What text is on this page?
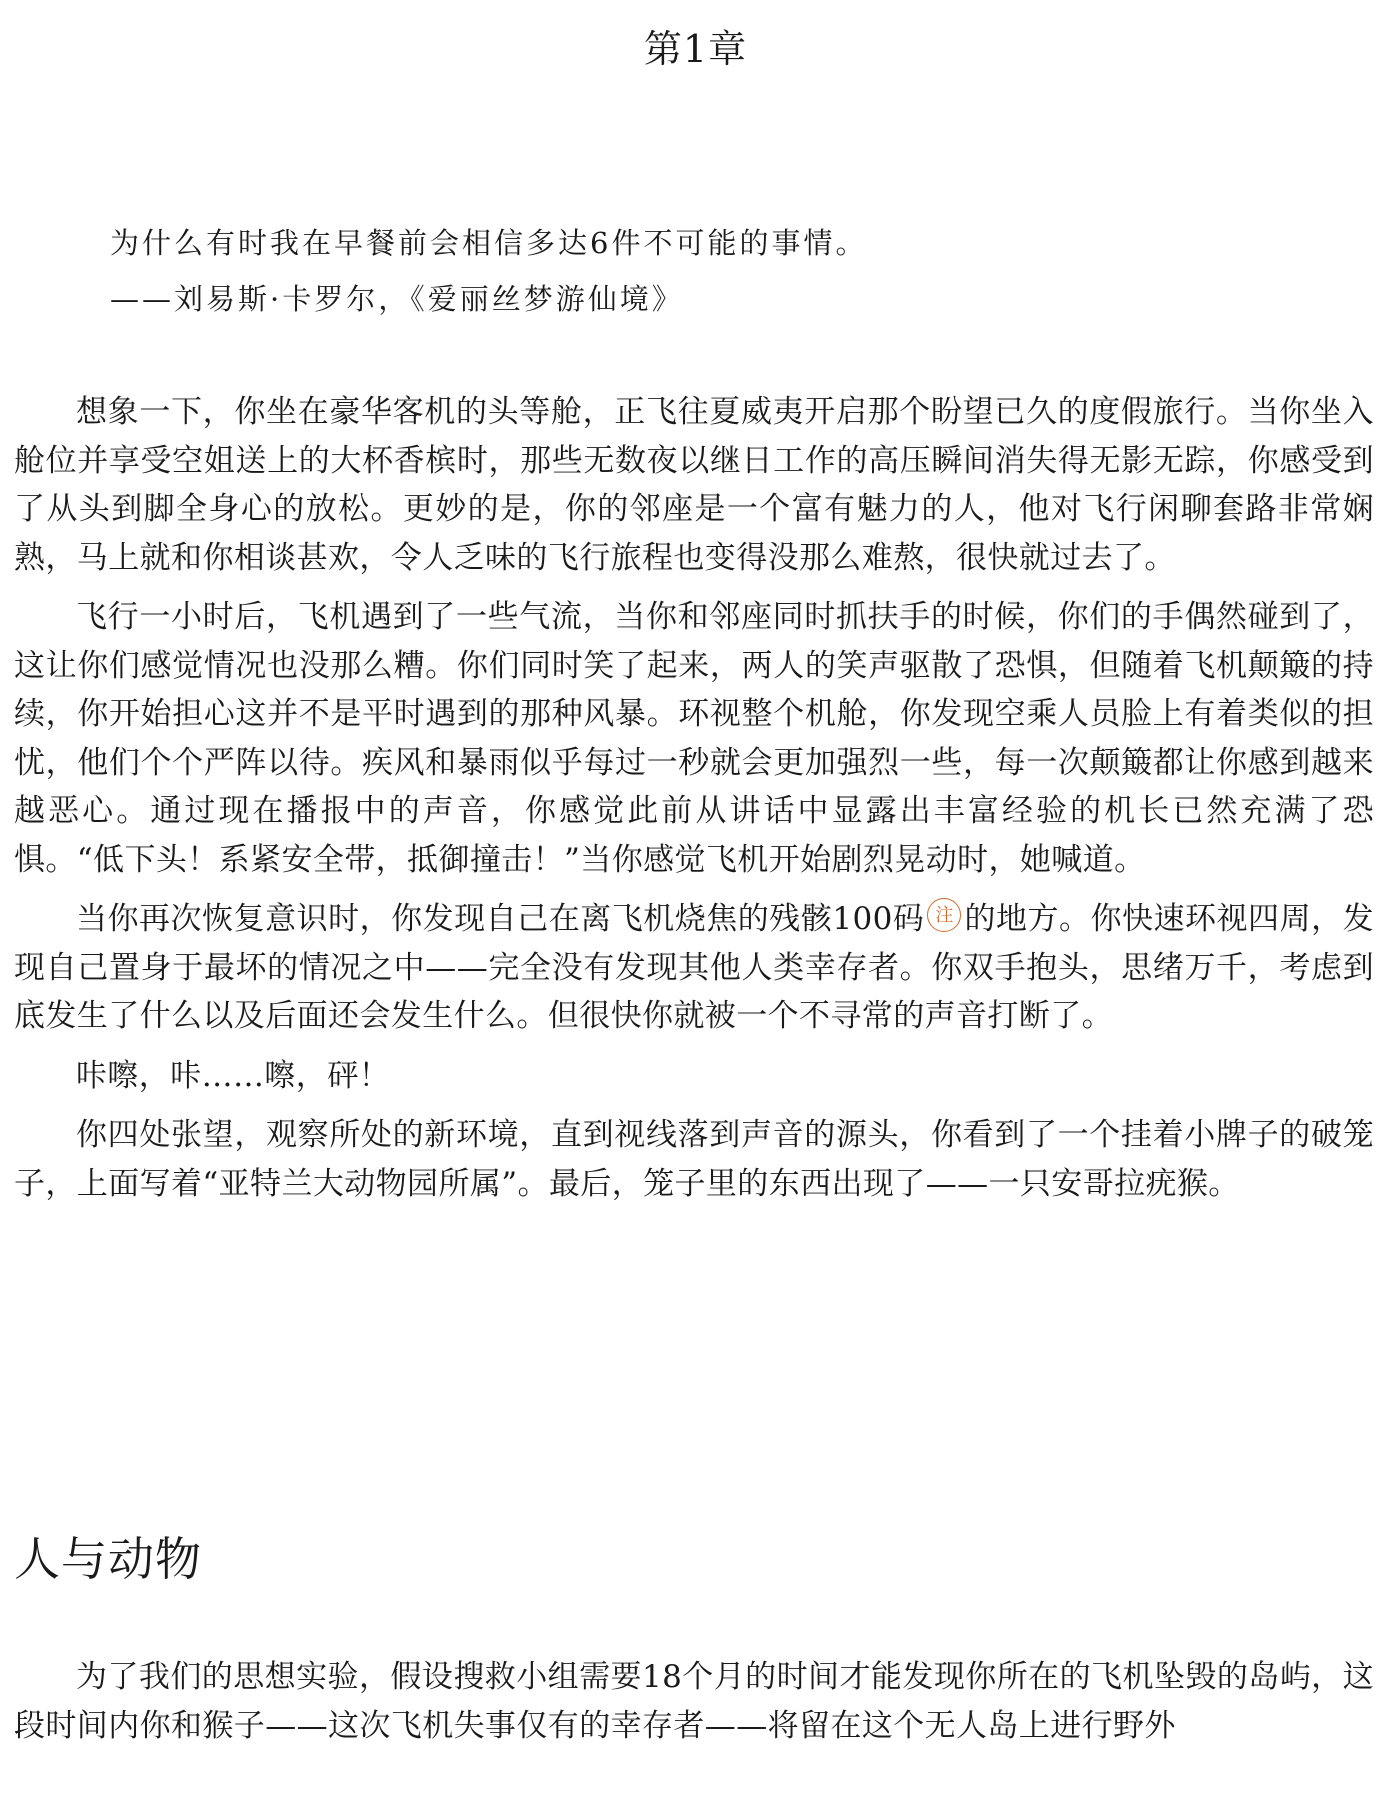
第1章

为什么有时我在早餐前会相信多达6件不可能的事情。

——刘易斯·卡罗尔，《爱丽丝梦游仙境》

想象一下，你坐在豪华客机的头等舱，正飞往夏威夷开启那个盼望已久的度假旅行。当你坐入舱位并享受空姐送上的大杯香槟时，那些无数夜以继日工作的高压瞬间消失得无影无踪，你感受到了从头到脚全身心的放松。更妙的是，你的邻座是一个富有魅力的人，他对飞行闲聊套路非常娴熟，马上就和你相谈甚欢，令人乏味的飞行旅程也变得没那么难熬，很快就过去了。

飞行一小时后，飞机遇到了一些气流，当你和邻座同时抓扶手的时候，你们的手偶然碰到了，这让你们感觉情况也没那么糟。你们同时笑了起来，两人的笑声驱散了恐惧，但随着飞机颠簸的持续，你开始担心这并不是平时遇到的那种风暴。环视整个机舱，你发现空乘人员脸上有着类似的担忧，他们个个严阵以待。疾风和暴雨似乎每过一秒就会更加强烈一些，每一次颠簸都让你感到越来越恶心。通过现在播报中的声音，你感觉此前从讲话中显露出丰富经验的机长已然充满了恐惧。“低下头！系紧安全带，抵御撞击！”当你感觉飞机开始剧烈晃动时，她喊道。

当你再次恢复意识时，你发现自己在离飞机烧焦的残骸100码 注 的地方。你快速环视四周，发现自己置身于最坏的情况之中——完全没有发现其他人类幸存者。你双手抱头，思绪万千，考虑到底发生了什么以及后面还会发生什么。但很快你就被一个不寻常的声音打断了。

咔嚓，咔……嚓，砰！

你四处张望，观察所处的新环境，直到视线落到声音的源头，你看到了一个挂着小牌子的破笼子，上面写着“亚特兰大动物园所属”。最后，笼子里的东西出现了——一只安哥拉疣猴。

人与动物

为了我们的思想实验，假设搜救小组需要18个月的时间才能发现你所在的飞机坠毁的岛屿，这段时间内你和猴子——这次飞机失事仅有的幸存者——将留在这个无人岛上进行野外
